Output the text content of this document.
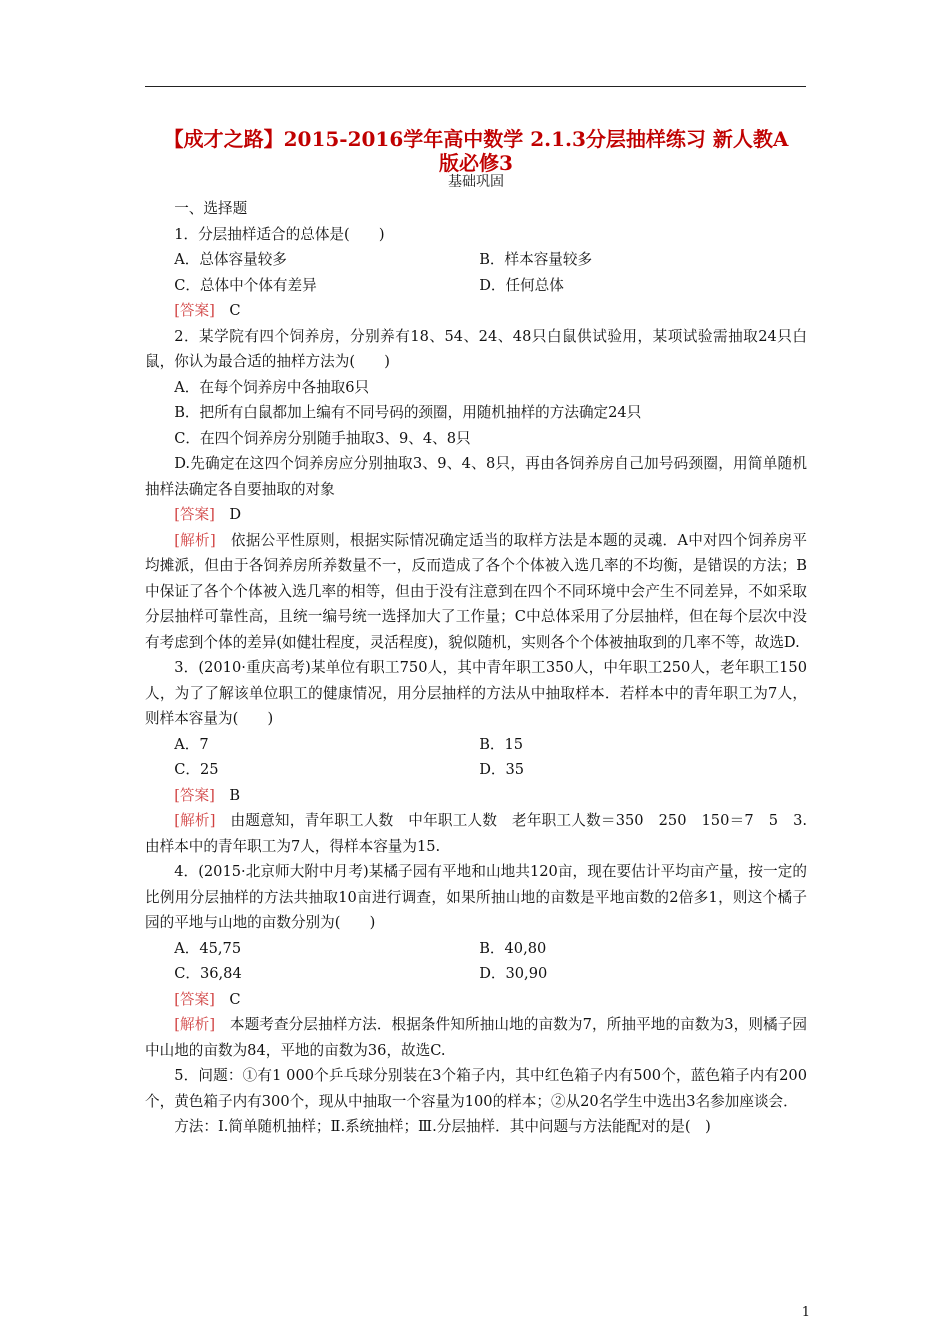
【成才之路】2015-2016学年高中数学 2.1.3分层抽样练习 新人教A
版必修3
基础巩固
一、选择题
1．分层抽样适合的总体是(　　)
A．总体容量较多	B．样本容量较多
C．总体中个体有差异	D．任何总体
[答案]　 C

2．某学院有四个饲养房，分别养有18、54、24、48只白鼠供试验用，某项试验需抽取24只白鼠，你认为最合适的抽样方法为(　　)

A．在每个饲养房中各抽取6只
B．把所有白鼠都加上编有不同号码的颈圈，用随机抽样的方法确定24只
C．在四个饲养房分别随手抽取3、9、4、8只

D.先确定在这四个饲养房应分别抽取3、9、4、8只，再由各饲养房自己加号码颈圈，用简单随机抽样法确定各自要抽取的对象

[答案]　 D

[解析]　 依据公平性原则，根据实际情况确定适当的取样方法是本题的灵魂．A中对四个饲养房平均摊派，但由于各饲养房所养数量不一，反而造成了各个个体被入选几率的不均衡，是错误的方法；B中保证了各个个体被入选几率的相等，但由于没有注意到在四个不同环境中会产生不同差异，不如采取分层抽样可靠性高，且统一编号统一选择加大了工作量；C中总体采用了分层抽样，但在每个层次中没有考虑到个体的差异(如健壮程度，灵活程度)，貌似随机，实则各个个体被抽取到的几率不等，故选D.

3．(2010·重庆高考)某单位有职工750人，其中青年职工350人，中年职工250人，老年职工150人，为了了解该单位职工的健康情况，用分层抽样的方法从中抽取样本．若样本中的青年职工为7人，则样本容量为(　　)

A．7	B．15
C．25	D．35
[答案]　 B

[解析]　 由题意知，青年职工人数　中年职工人数　老年职工人数＝350　250　150＝7　5　3.由样本中的青年职工为7人，得样本容量为15.

4．(2015·北京师大附中月考)某橘子园有平地和山地共120亩，现在要估计平均亩产量，按一定的比例用分层抽样的方法共抽取10亩进行调查，如果所抽山地的亩数是平地亩数的2倍多1，则这个橘子园的平地与山地的亩数分别为(　　)

A．45,75	B．40,80
C．36,84	D．30,90
[答案]　 C

[解析]　 本题考查分层抽样方法．根据条件知所抽山地的亩数为7，所抽平地的亩数为3，则橘子园中山地的亩数为84，平地的亩数为36，故选C.

5．问题：①有1 000个乒乓球分别装在3个箱子内，其中红色箱子内有500个，蓝色箱子内有200个，黄色箱子内有300个，现从中抽取一个容量为100的样本；②从20名学生中选出3名参加座谈会．

方法：Ⅰ.简单随机抽样；Ⅱ.系统抽样；Ⅲ.分层抽样．其中问题与方法能配对的是(　)

1
